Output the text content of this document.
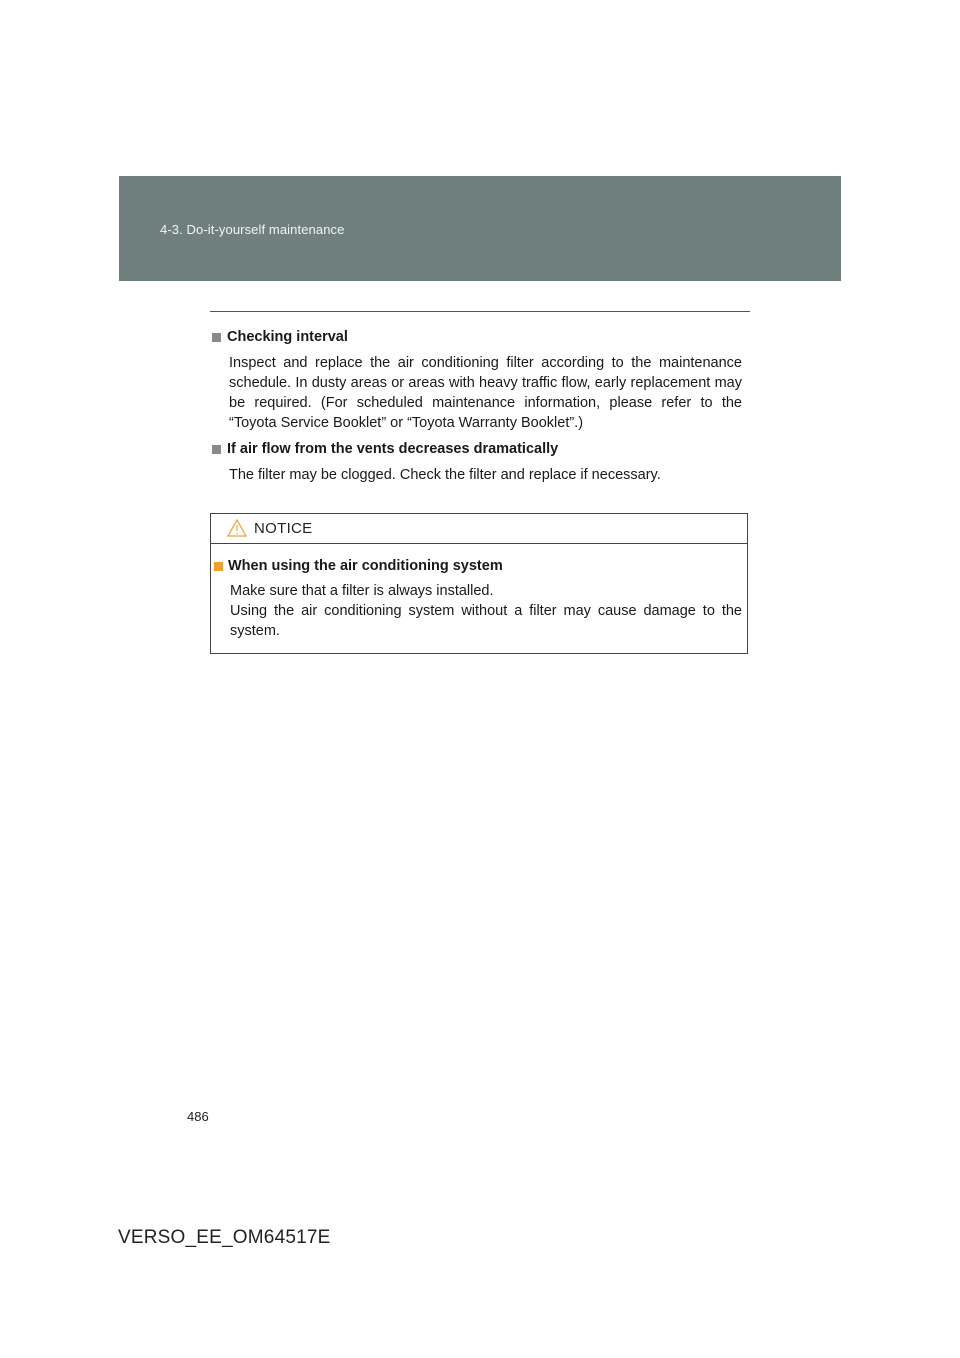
4-3. Do-it-yourself maintenance
Checking interval

Inspect and replace the air conditioning filter according to the maintenance schedule. In dusty areas or areas with heavy traffic flow, early replacement may be required. (For scheduled maintenance information, please refer to the “Toyota Service Booklet” or “Toyota Warranty Booklet”.)

If air flow from the vents decreases dramatically

The filter may be clogged. Check the filter and replace if necessary.

NOTICE
When using the air conditioning system

Make sure that a filter is always installed.

Using the air conditioning system without a filter may cause damage to the system.

486
VERSO_EE_OM64517E
